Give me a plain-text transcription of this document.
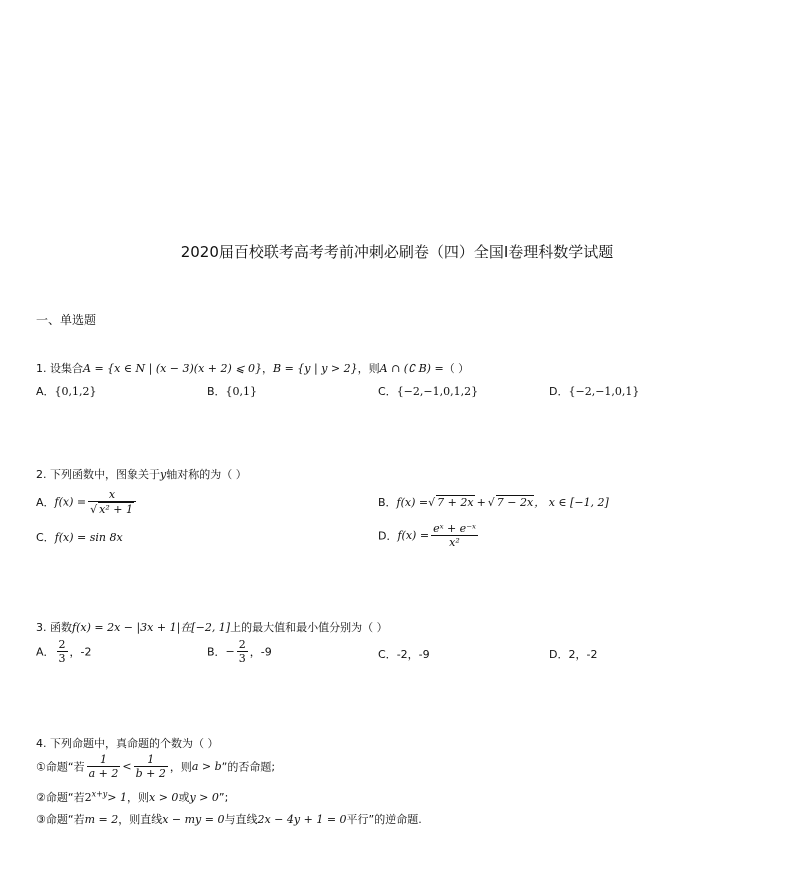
2020届百校联考高考考前冲刺必刷卷（四）全国I卷理科数学试题
一、单选题
1. 设集合A = {x ∈ N | (x − 3)(x + 2) ⩽ 0}，B = {y | y > 2}，则A ∩ (∁ B) =（ ）
A．{0,1,2}	B．{0,1}	C．{−2,−1,0,1,2}	D．{−2,−1,0,1}
2. 下列函数中，图象关于y轴对称的为（ ）
A．$f(x) = \frac{x}{\text{√ x² + 1}}$	B．f(x) =√ 7 + 2x + √ 7 − 2x， x ∈ [−1, 2]
C．f(x) = sin 8x	D．$f(x) = \frac{\text{eˣ + e⁻ˣ}}{\text{x²}}$
3. 函数f(x) = 2x − |3x + 1|在[−2, 1]上的最大值和最小值分别为（ ）
A． $\frac{2}{3}$ ，-2	B．− $\frac{2}{3}$ ，-9	C．-2，-9	D．2，-2
4. 下列命题中，真命题的个数为（ ）
①命题“若 $\frac{1}{a + 2} < \frac{1}{b + 2}$ ，则a > b”的否命题;
②命题“若$2^{x+y}> 1$，则x > 0或y > 0”;
③命题“若m = 2，则直线x − my = 0与直线2x − 4y + 1 = 0平行”的逆命题.
